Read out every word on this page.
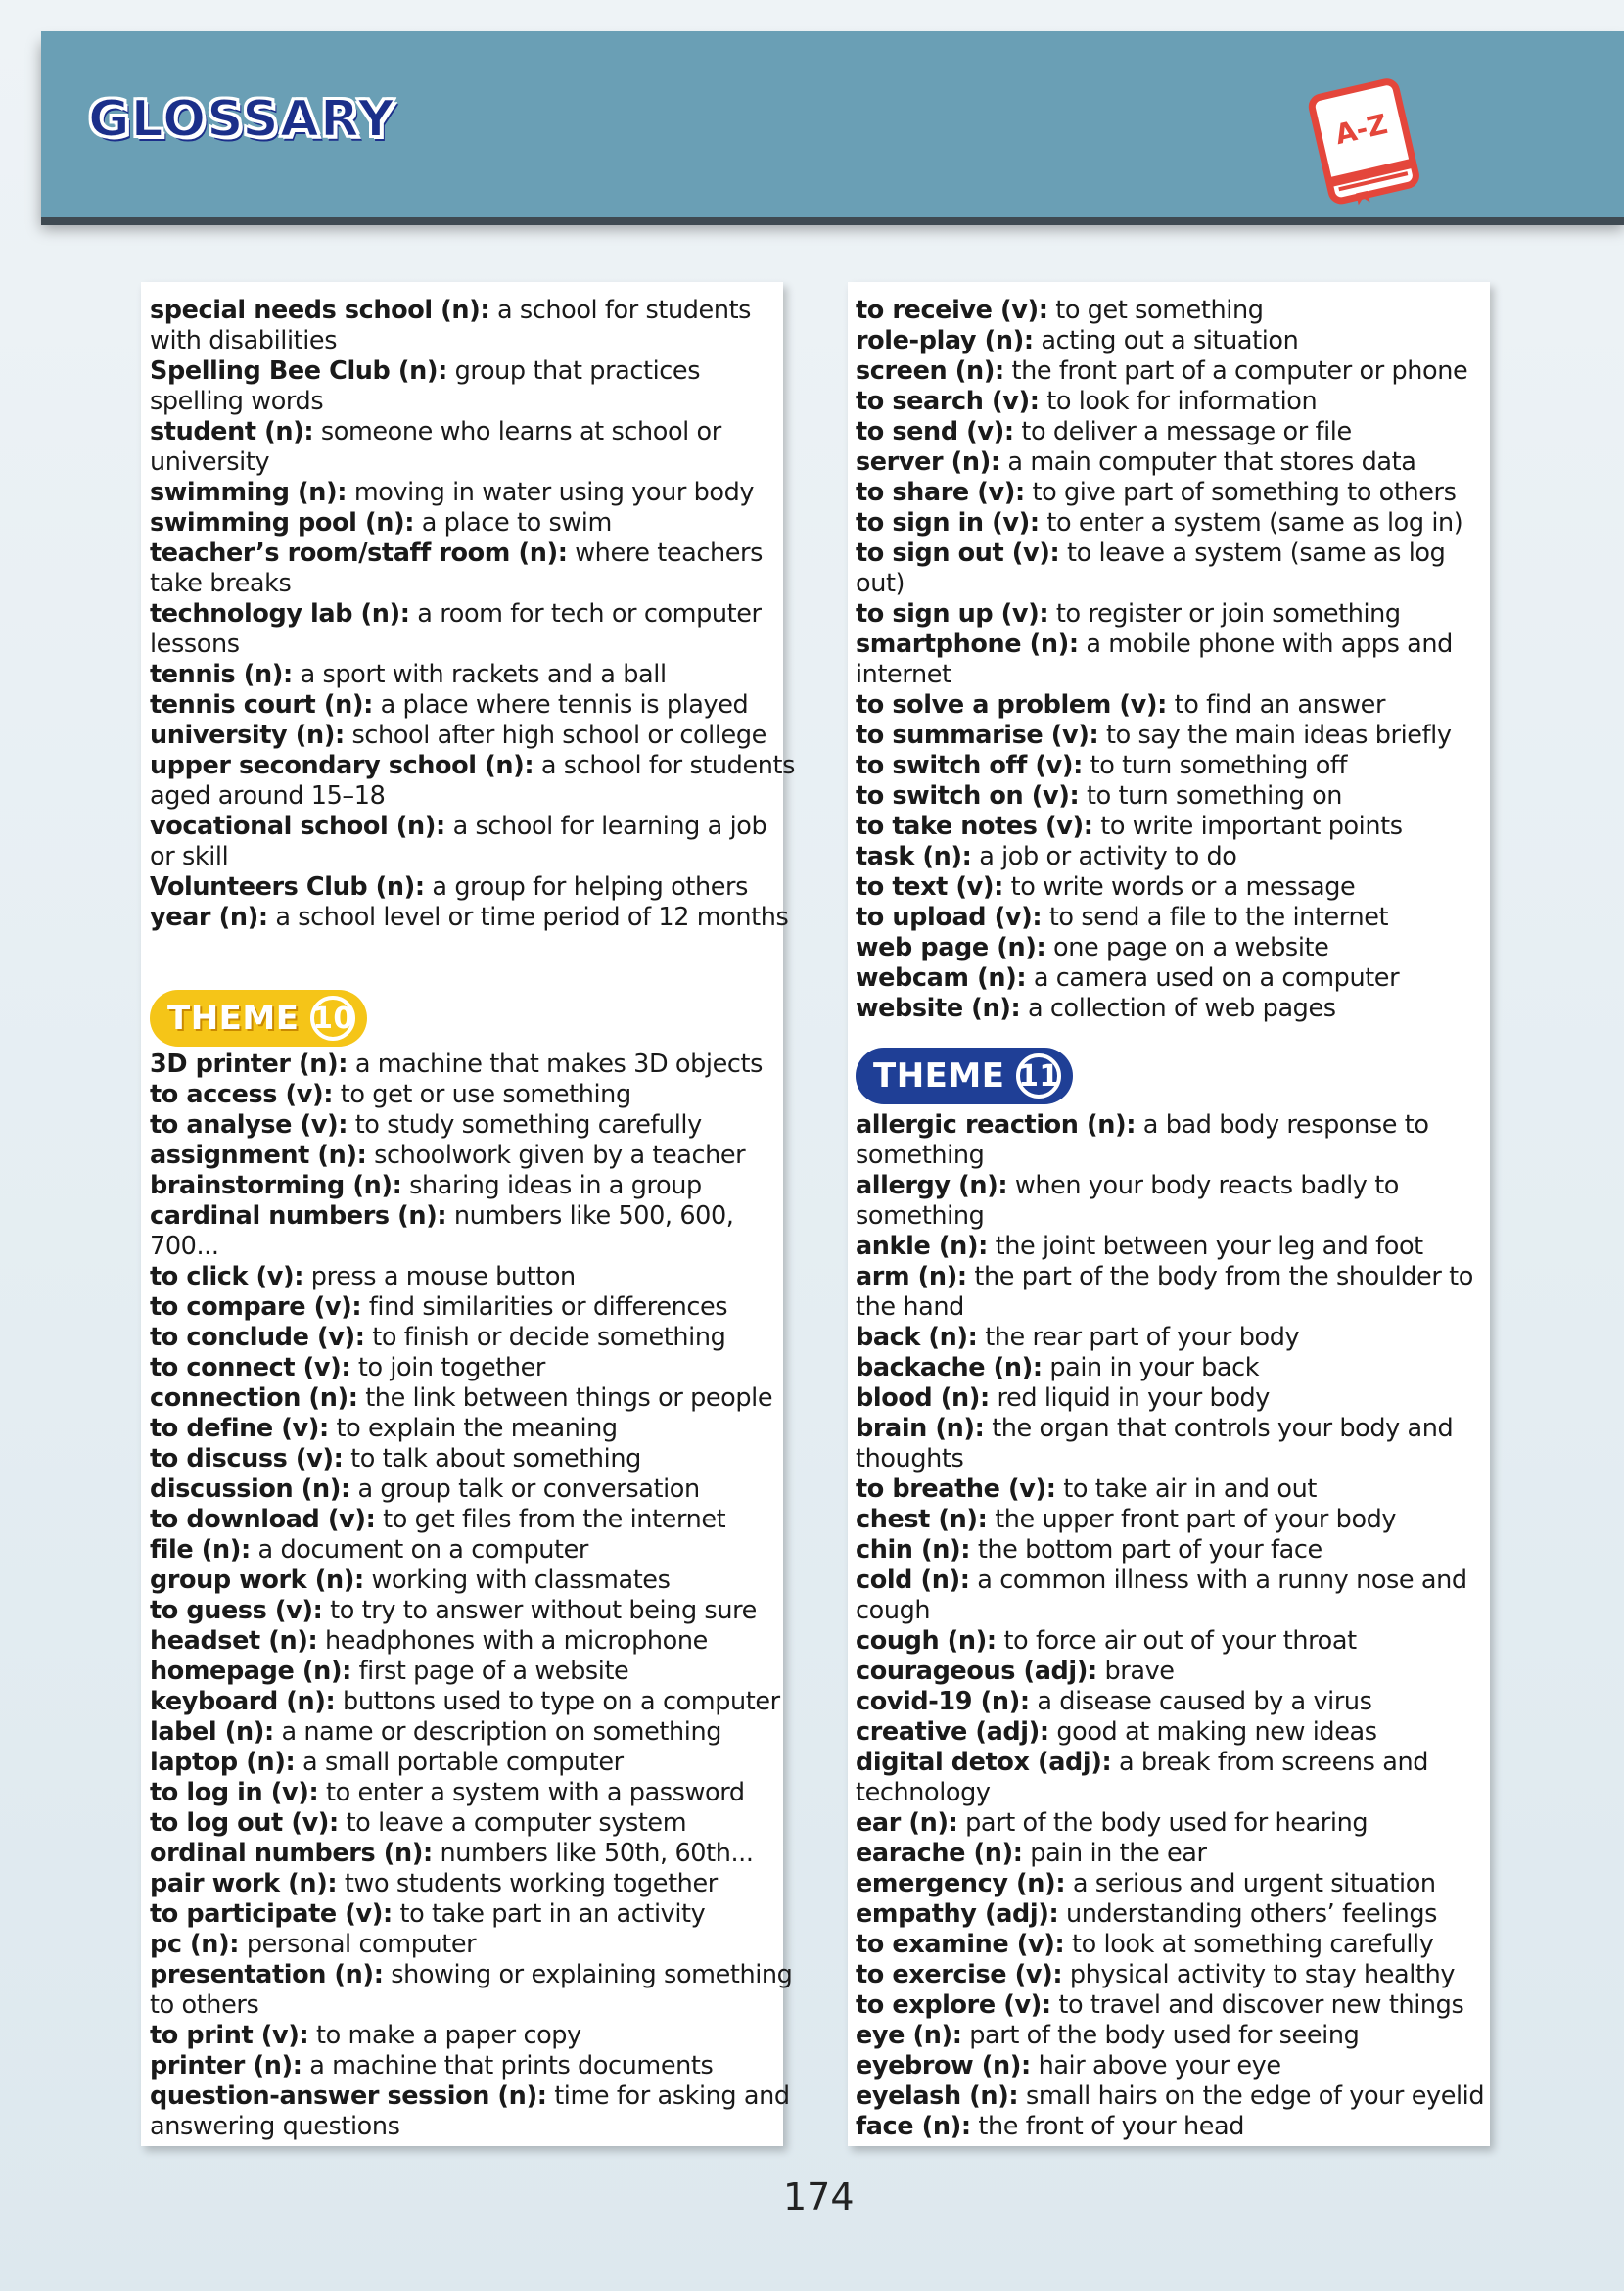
GLOSSARY	A-Z
special needs school (n): a school for students with disabilities
Spelling Bee Club (n): group that practices spelling words
student (n): someone who learns at school or university
swimming (n): moving in water using your body
swimming pool (n): a place to swim
teacher’s room/staff room (n): where teachers take breaks
technology lab (n): a room for tech or computer lessons
tennis (n): a sport with rackets and a ball
tennis court (n): a place where tennis is played
university (n): school after high school or college
upper secondary school (n): a school for students aged around 15–18
vocational school (n): a school for learning a job or skill
Volunteers Club (n): a group for helping others
year (n): a school level or time period of 12 months
THEME 10
3D printer (n): a machine that makes 3D objects
to access (v): to get or use something
to analyse (v): to study something carefully
assignment (n): schoolwork given by a teacher
brainstorming (n): sharing ideas in a group
cardinal numbers (n): numbers like 500, 600, 700...
to click (v): press a mouse button
to compare (v): find similarities or differences
to conclude (v): to finish or decide something
to connect (v): to join together
connection (n): the link between things or people
to define (v): to explain the meaning
to discuss (v): to talk about something
discussion (n): a group talk or conversation
to download (v): to get files from the internet
file (n): a document on a computer
group work (n): working with classmates
to guess (v): to try to answer without being sure
headset (n): headphones with a microphone
homepage (n): first page of a website
keyboard (n): buttons used to type on a computer
label (n): a name or description on something
laptop (n): a small portable computer
to log in (v): to enter a system with a password
to log out (v): to leave a computer system
ordinal numbers (n): numbers like 50th, 60th...
pair work (n): two students working together
to participate (v): to take part in an activity
pc (n): personal computer
presentation (n): showing or explaining something to others
to print (v): to make a paper copy
printer (n): a machine that prints documents
question-answer session (n): time for asking and answering questions
to receive (v): to get something
role-play (n): acting out a situation
screen (n): the front part of a computer or phone
to search (v): to look for information
to send (v): to deliver a message or file
server (n): a main computer that stores data
to share (v): to give part of something to others
to sign in (v): to enter a system (same as log in)
to sign out (v): to leave a system (same as log out)
to sign up (v): to register or join something
smartphone (n): a mobile phone with apps and internet
to solve a problem (v): to find an answer
to summarise (v): to say the main ideas briefly
to switch off (v): to turn something off
to switch on (v): to turn something on
to take notes (v): to write important points
task (n): a job or activity to do
to text (v): to write words or a message
to upload (v): to send a file to the internet
web page (n): one page on a website
webcam (n): a camera used on a computer
website (n): a collection of web pages
THEME 11
allergic reaction (n): a bad body response to something
allergy (n): when your body reacts badly to something
ankle (n): the joint between your leg and foot
arm (n): the part of the body from the shoulder to the hand
back (n): the rear part of your body
backache (n): pain in your back
blood (n): red liquid in your body
brain (n): the organ that controls your body and thoughts
to breathe (v): to take air in and out
chest (n): the upper front part of your body
chin (n): the bottom part of your face
cold (n): a common illness with a runny nose and cough
cough (n): to force air out of your throat
courageous (adj): brave
covid-19 (n): a disease caused by a virus
creative (adj): good at making new ideas
digital detox (adj): a break from screens and technology
ear (n): part of the body used for hearing
earache (n): pain in the ear
emergency (n): a serious and urgent situation
empathy (adj): understanding others’ feelings
to examine (v): to look at something carefully
to exercise (v): physical activity to stay healthy
to explore (v): to travel and discover new things
eye (n): part of the body used for seeing
eyebrow (n): hair above your eye
eyelash (n): small hairs on the edge of your eyelid
face (n): the front of your head
174
